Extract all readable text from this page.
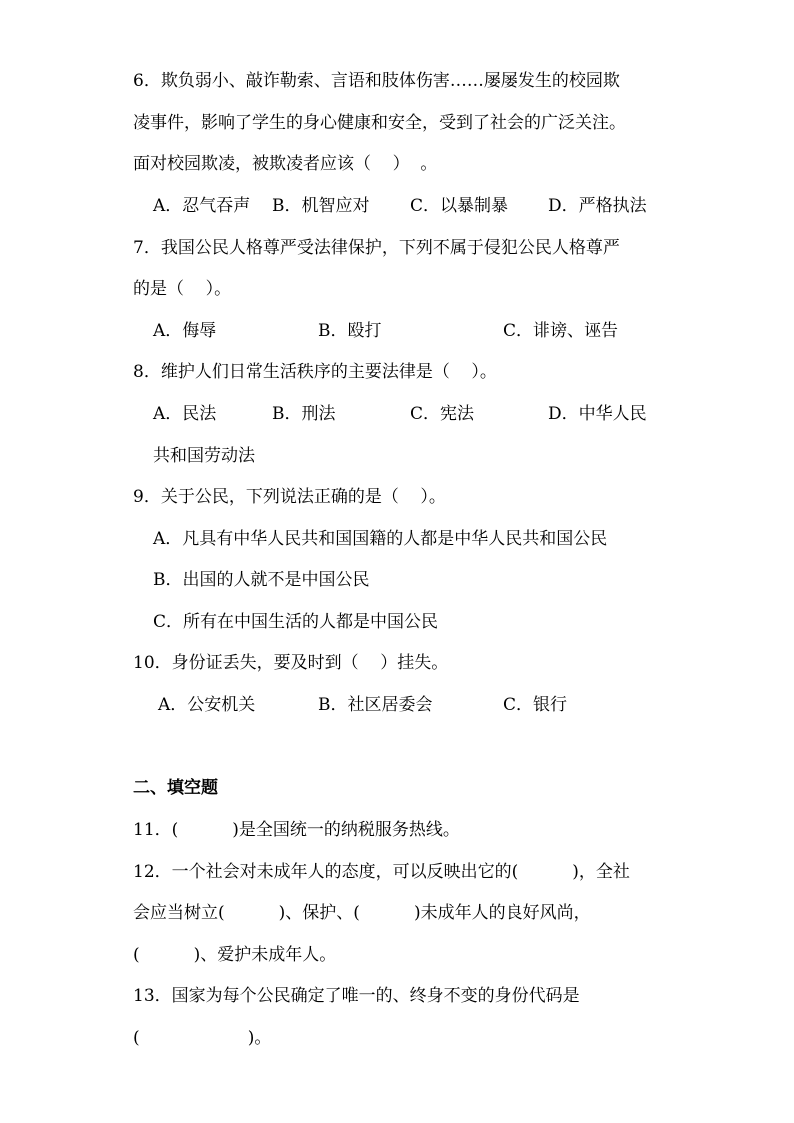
6．欺负弱小、敲诈勒索、言语和肢体伤害……屡屡发生的校园欺
凌事件，影响了学生的身心健康和安全，受到了社会的广泛关注。
面对校园欺凌，被欺凌者应该（    ）  。
A．忍气吞声 B．机智应对 C．以暴制暴 D．严格执法
7．我国公民人格尊严受法律保护，下列不属于侵犯公民人格尊严
的是（    ）。
A．侮辱	B．殴打	C．诽谤、诬告
8．维护人们日常生活秩序的主要法律是（    ）。
A．民法	B．刑法	C．宪法	D．中华人民
共和国劳动法
9．关于公民，下列说法正确的是（    ）。
A．凡具有中华人民共和国国籍的人都是中华人民共和国公民
B．出国的人就不是中国公民
C．所有在中国生活的人都是中国公民
10．身份证丢失，要及时到（    ）挂失。
A．公安机关	B．社区居委会	C．银行
二、填空题
11．(          )是全国统一的纳税服务热线。
12．一个社会对未成年人的态度，可以反映出它的(          )，全社
会应当树立(          )、保护、(          )未成年人的良好风尚，
(          )、爱护未成年人。
13．国家为每个公民确定了唯一的、终身不变的身份代码是
(                    )。
